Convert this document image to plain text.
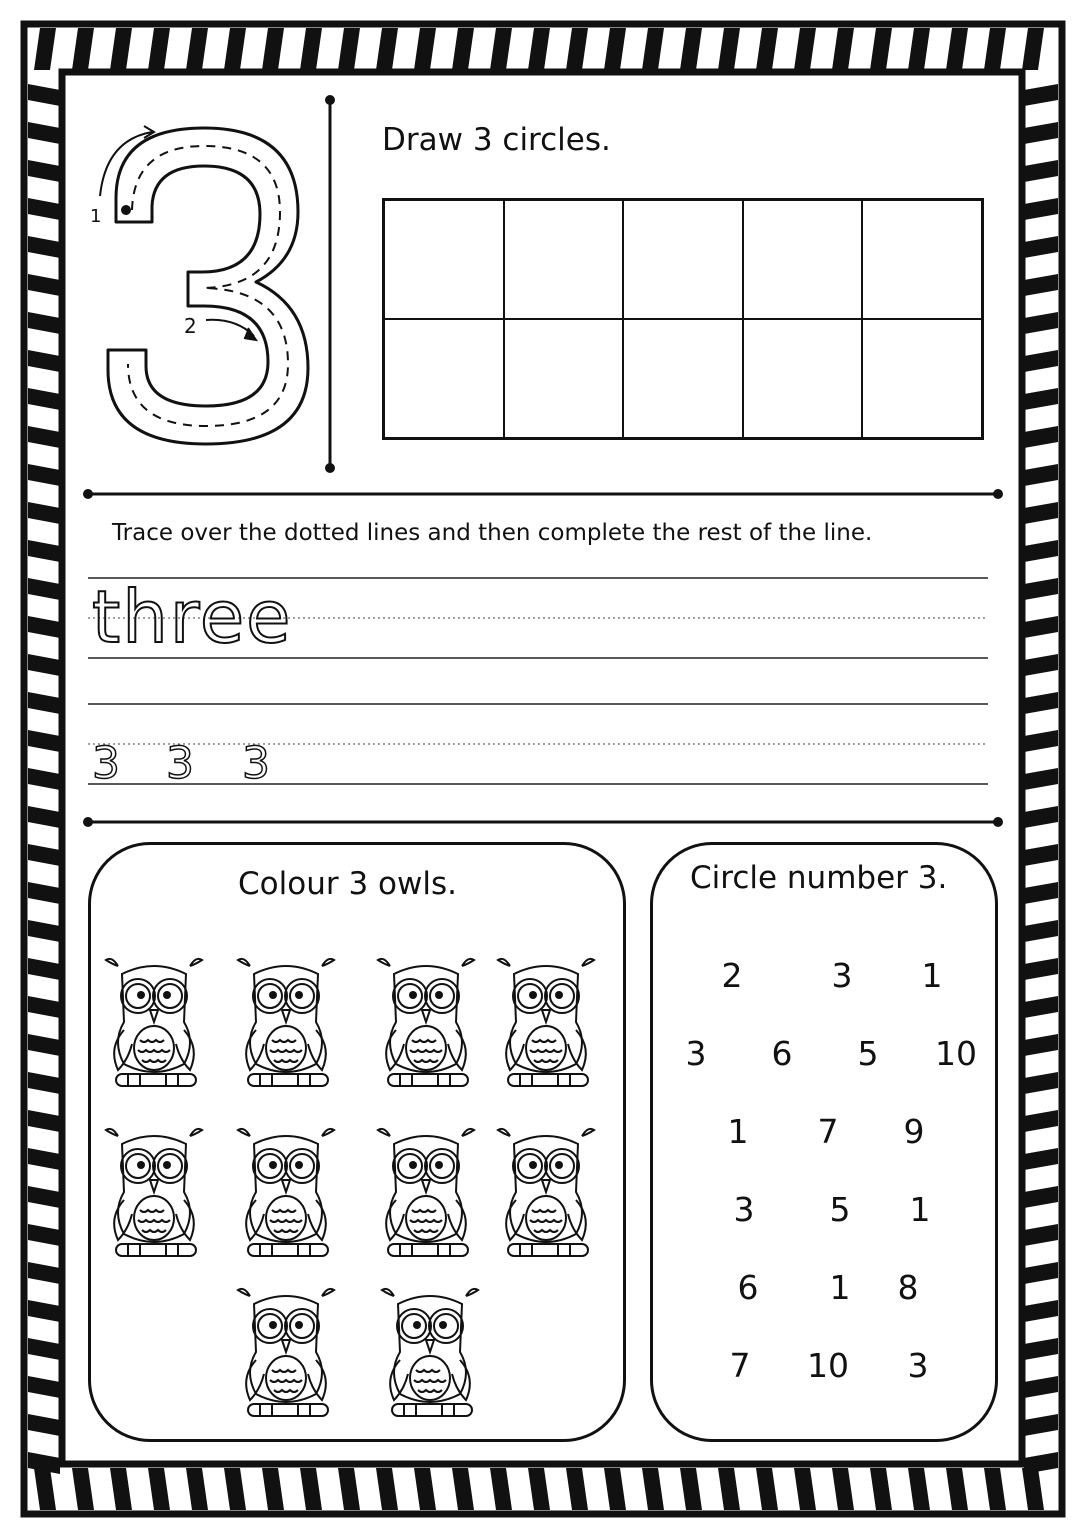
1
2
Draw 3 circles.
Trace over the dotted lines and then complete the rest of the line.
three
3 3 3
Colour 3 owls.	Circle number 3.
2	3	1
3	6	5	10
1	7	9
3	5	1
6	1	8
7	10	3
